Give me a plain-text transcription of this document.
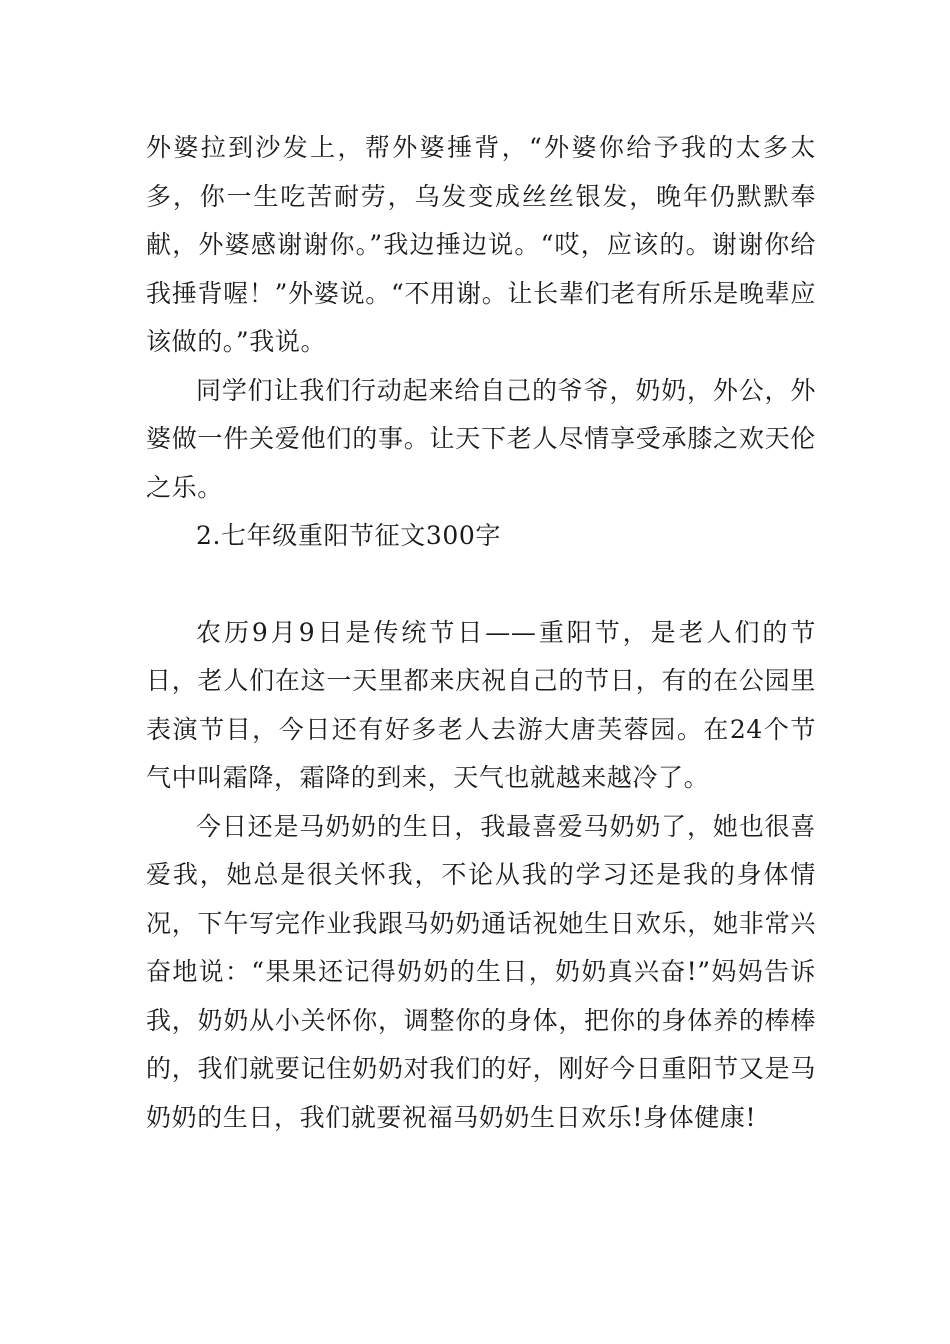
外婆拉到沙发上，帮外婆捶背，“外婆你给予我的太多太多，你一生吃苦耐劳，乌发变成丝丝银发，晚年仍默默奉献，外婆感谢谢你。”我边捶边说。“哎，应该的。谢谢你给我捶背喔！”外婆说。“不用谢。让长辈们老有所乐是晚辈应该做的。”我说。

同学们让我们行动起来给自己的爷爷，奶奶，外公，外婆做一件关爱他们的事。让天下老人尽情享受承膝之欢天伦之乐。

2.七年级重阳节征文300字

农历9月9日是传统节日——重阳节，是老人们的节日，老人们在这一天里都来庆祝自己的节日，有的在公园里表演节目，今日还有好多老人去游大唐芙蓉园。在24个节气中叫霜降，霜降的到来，天气也就越来越冷了。

今日还是马奶奶的生日，我最喜爱马奶奶了，她也很喜爱我，她总是很关怀我，不论从我的学习还是我的身体情况，下午写完作业我跟马奶奶通话祝她生日欢乐，她非常兴奋地说：“果果还记得奶奶的生日，奶奶真兴奋!”妈妈告诉我，奶奶从小关怀你，调整你的身体，把你的身体养的棒棒的，我们就要记住奶奶对我们的好，刚好今日重阳节又是马奶奶的生日，我们就要祝福马奶奶生日欢乐!身体健康!
